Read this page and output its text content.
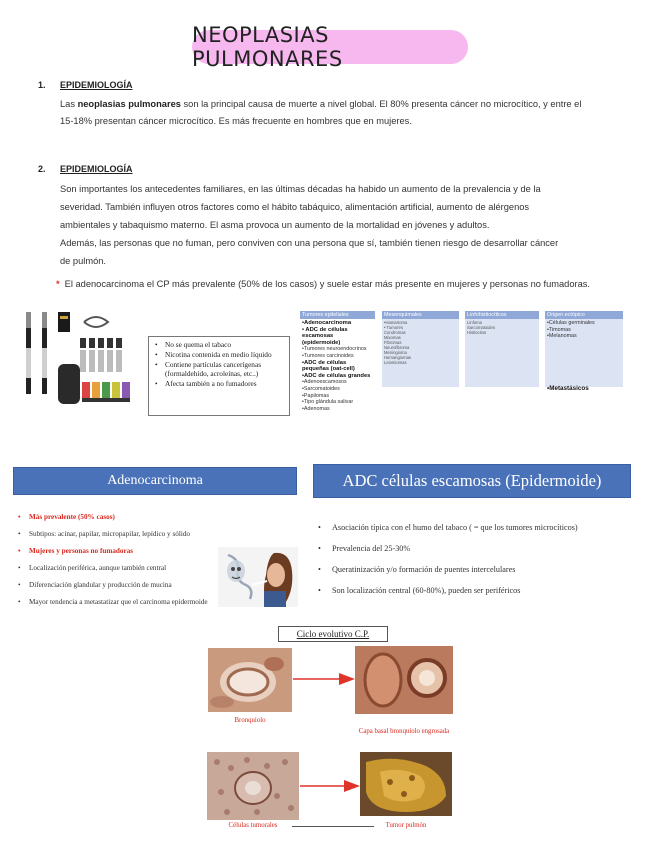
NEOPLASIAS PULMONARES
1. EPIDEMIOLOGÍA
Las neoplasias pulmonares son la principal causa de muerte a nivel global. El 80% presenta cáncer no microcítico, y entre el
15-18% presentan cáncer microcítico. Es más frecuente en hombres que en mujeres.
2. EPIDEMIOLOGÍA
Son importantes los antecedentes familiares, en las últimas décadas ha habido un aumento de la prevalencia y de la
severidad. También influyen otros factores como el hábito tabáquico, alimentación artificial, aumento de alérgenos
ambientales y tabaquismo materno. El asma provoca un aumento de la mortalidad en jóvenes y adultos.
Además, las personas que no fuman, pero conviven con una persona que sí, también tienen riesgo de desarrollar cáncer
de pulmón.
* El adenocarcinoma el CP más prevalente (50% de los casos) y suele estar más presente en mujeres y personas no fumadoras.
• No se quema el tabaco
• Nicotina contenida en medio líquido
• Contiene partículas cancerígenas (formaldehído, acroleínas, etc..)
• Afecta también a no fumadores
Tumores epiteliales
•Adenocarcinoma
• ADC de células escamosas (epidermoide)
•Tumores neuroendocrinos
•Tumores carcinoides
•ADC de células pequeñas (oat-cell)
•ADC de células grandes
•Adenoescamosos
•Sarcomatoides
•Papilomas
•Tipo glándula salivar
•Adenomas
Mesenquimales
•Hamartoma
• Tumores
Condromas
Mixomas
Fibromas
Neurofibroma
Meningioma
Hemangiomas
Leiomiomas
Linfohistiocíticos
Linfoma
Sarcomatoides
Histiocitos
Origen ectópico
•Células germinales
•Timomas
•Melanomas
•Metastásicos
Adenocarcinoma
• Más prevalente (50% casos)
• Subtipos: acinar, papilar, micropapilar, lepídico y sólido
• Mujeres y personas no fumadoras
• Localización periférica, aunque también central
• Diferenciación glandular y producción de mucina
• Mayor tendencia a metastatizar que el carcinoma epidermoide
ADC células escamosas (Epidermoide)
• Asociación típica con el humo del tabaco ( = que los tumores microcíticos)
• Prevalencia del 25-30%
• Queratinización y/o formación de puentes intercelulares
• Son localización central (60-80%), pueden ser periféricos
Ciclo evolutivo C.P.
Bronquiolo
Capa basal bronquiolo engrosada
Células tumorales	Tumor pulmón
